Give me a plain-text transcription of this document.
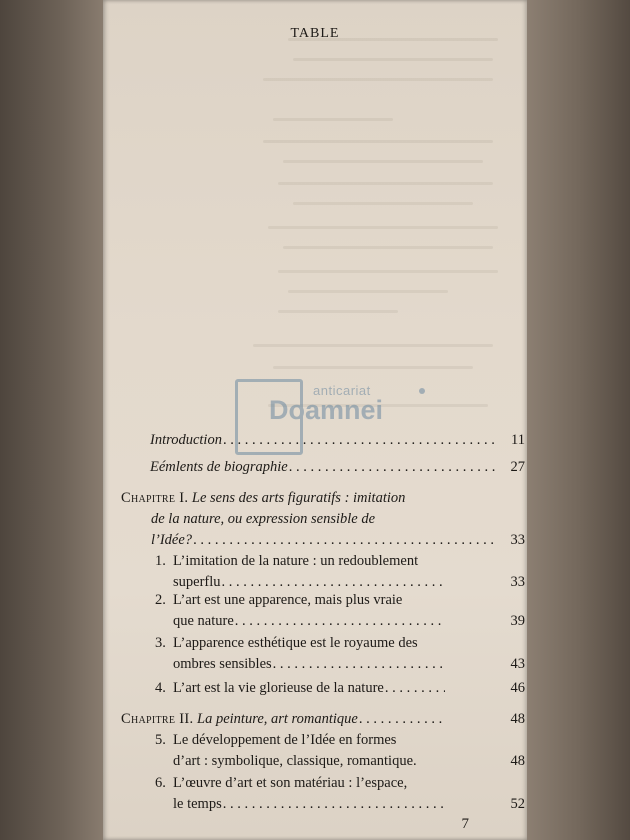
TABLE
anticariat
Doamnei
Introduction . . .	11
Eémlents de biographie . . .	27
Chapitre I. Le sens des arts figuratifs : imitation
de la nature, ou expression sensible de
l’Idée? . . .	33
1. L’imitation de la nature : un redoublement
superflu . . .	33
2. L’art est une apparence, mais plus vraie
que nature . . .	39
3. L’apparence esthétique est le royaume des
ombres sensibles . . .	43
4. L’art est la vie glorieuse de la nature . . .	46
Chapitre II.
La peinture, art romantique . . .	48
5. Le développement de l’Idée en formes
d’art : symbolique, classique, romantique.	48
6. L’œuvre d’art et son matériau : l’espace,
le temps . . .	52
7
